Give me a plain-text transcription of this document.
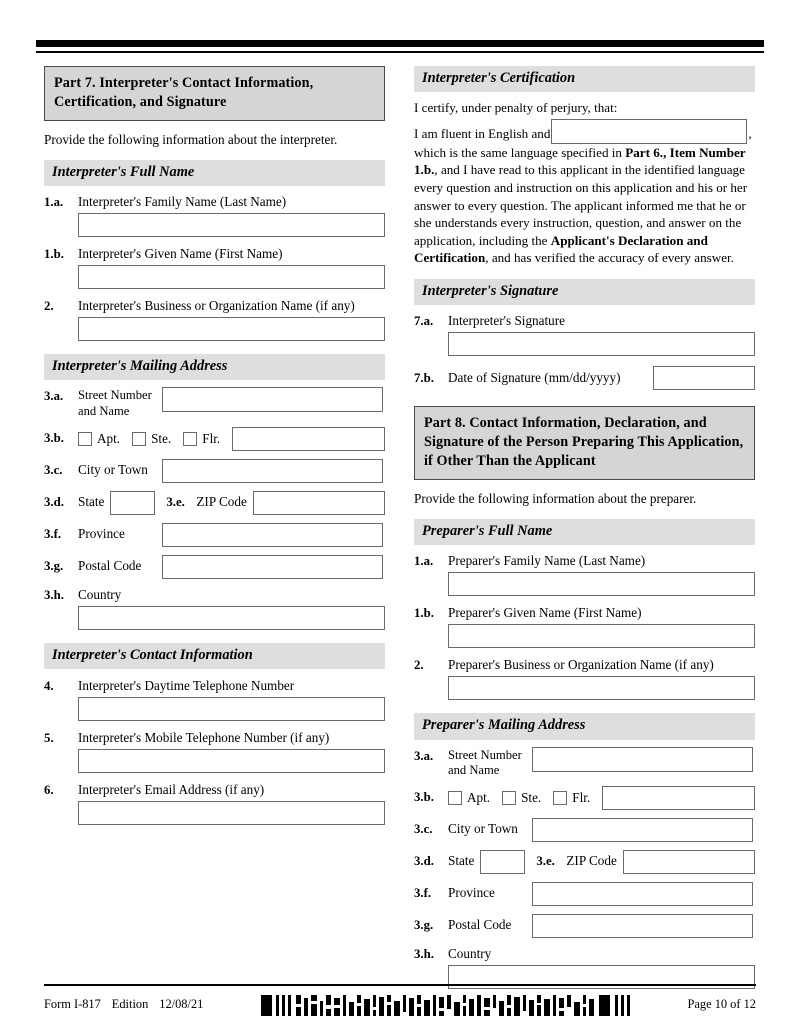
Part 7. Interpreter's Contact Information, Certification, and Signature
Provide the following information about the interpreter.
Interpreter's Full Name
1.a.	Interpreter's Family Name (Last Name)
1.b.	Interpreter's Given Name (First Name)
2.	Interpreter's Business or Organization Name (if any)
Interpreter's Mailing Address
3.a.	Street Number
and Name
3.b.	Apt. Ste. Flr.
3.c.	City or Town
3.d.	State	3.e. ZIP Code
3.f.	Province
3.g.	Postal Code
3.h.	Country
Interpreter's Contact Information
4.	Interpreter's Daytime Telephone Number
5.	Interpreter's Mobile Telephone Number (if any)
6.	Interpreter's Email Address (if any)
Interpreter's Certification
I certify, under penalty of perjury, that:
I am fluent in English and	, which is the same language specified in Part 6., Item Number 1.b., and I have read to this applicant in the identified language every question and instruction on this application and his or her answer to every question. The applicant informed me that he or she understands every instruction, question, and answer on the application, including the Applicant's Declaration and Certification, and has verified the accuracy of every answer.
Interpreter's Signature
7.a.	Interpreter's Signature
7.b.	Date of Signature (mm/dd/yyyy)
Part 8. Contact Information, Declaration, and Signature of the Person Preparing This Application, if Other Than the Applicant
Provide the following information about the preparer.
Preparer's Full Name
1.a.	Preparer's Family Name (Last Name)
1.b.	Preparer's Given Name (First Name)
2.	Preparer's Business or Organization Name (if any)
Preparer's Mailing Address
3.a.	Street Number
and Name
3.b.	Apt. Ste. Flr.
3.c.	City or Town
3.d.	State	3.e. ZIP Code
3.f.	Province
3.g.	Postal Code
3.h.	Country
Form I-817 Edition 12/08/21	Page 10 of 12
